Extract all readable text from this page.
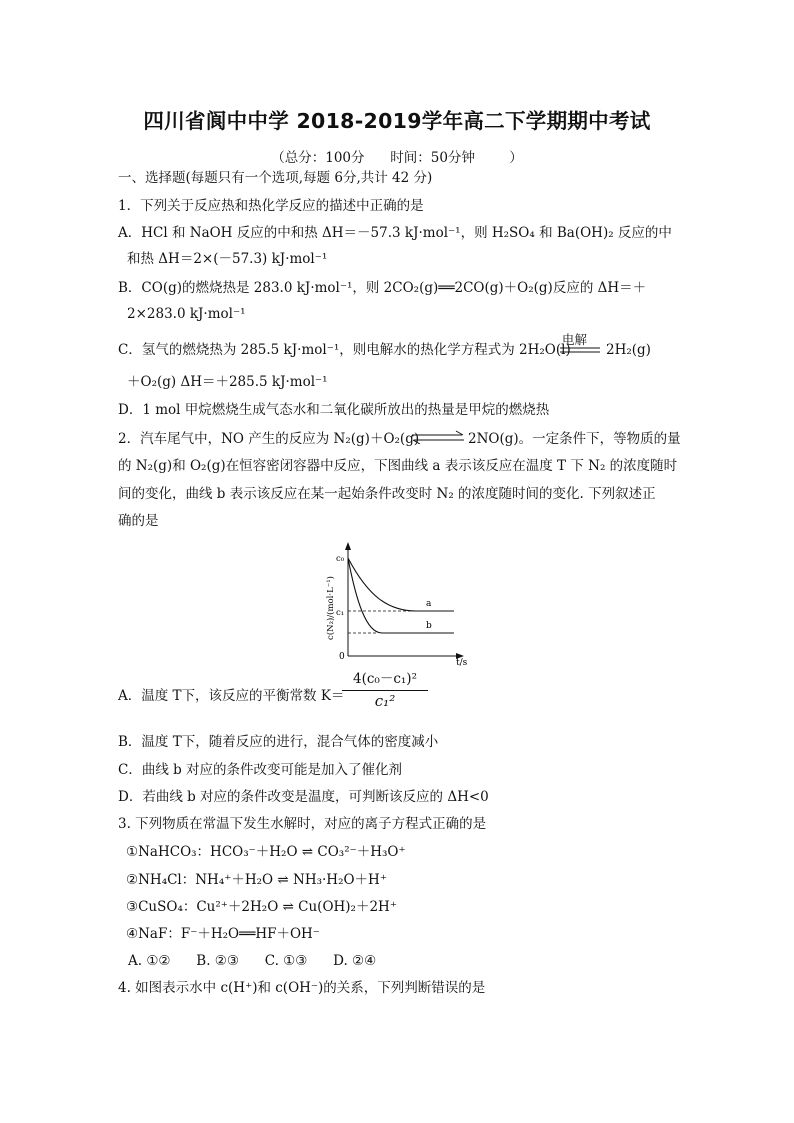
四川省阆中中学 2018-2019学年高二下学期期中考试
（总分：100分      时间：50分钟        ）
一、选择题(每题只有一个选项,每题 6分,共计 42 分)
1．下列关于反应热和热化学反应的描述中正确的是
A．HCl 和 NaOH 反应的中和热 ΔH＝－57.3 kJ·mol⁻¹，则 H₂SO₄ 和 Ba(OH)₂ 反应的中
和热 ΔH＝2×(－57.3) kJ·mol⁻¹
B．CO(g)的燃烧热是 283.0 kJ·mol⁻¹，则 2CO₂(g)══2CO(g)＋O₂(g)反应的 ΔH＝＋
2×283.0 kJ·mol⁻¹
C．氢气的燃烧热为 285.5 kJ·mol⁻¹，则电解水的热化学方程式为 2H₂O(l)
电解
2H₂(g)
＋O₂(g) ΔH＝＋285.5 kJ·mol⁻¹
D．1 mol 甲烷燃烧生成气态水和二氧化碳所放出的热量是甲烷的燃烧热
2．汽车尾气中，NO 产生的反应为 N₂(g)＋O₂(g)	2NO(g)。一定条件下，等物质的量
的 N₂(g)和 O₂(g)在恒容密闭容器中反应，下图曲线 a 表示该反应在温度 T 下 N₂ 的浓度随时
间的变化，曲线 b 表示该反应在某一起始条件改变时 N₂ 的浓度随时间的变化. 下列叙述正
确的是
c(N₂)/(mol·L⁻¹)
t/s
0
c₀
c₁
a
b
A．温度 T下，该反应的平衡常数 K＝
4(c₀－c₁)²
c₁²
B．温度 T下，随着反应的进行，混合气体的密度减小
C．曲线 b 对应的条件改变可能是加入了催化剂
D．若曲线 b 对应的条件改变是温度，可判断该反应的 ΔH<0
3. 下列物质在常温下发生水解时，对应的离子方程式正确的是
①NaHCO₃：HCO₃⁻＋H₂O ⇌ CO₃²⁻＋H₃O⁺
②NH₄Cl：NH₄⁺＋H₂O ⇌ NH₃·H₂O＋H⁺
③CuSO₄：Cu²⁺＋2H₂O ⇌ Cu(OH)₂＋2H⁺
④NaF：F⁻＋H₂O══HF＋OH⁻
A. ①②      B. ②③      C. ①③      D. ②④
4. 如图表示水中 c(H⁺)和 c(OH⁻)的关系，下列判断错误的是
